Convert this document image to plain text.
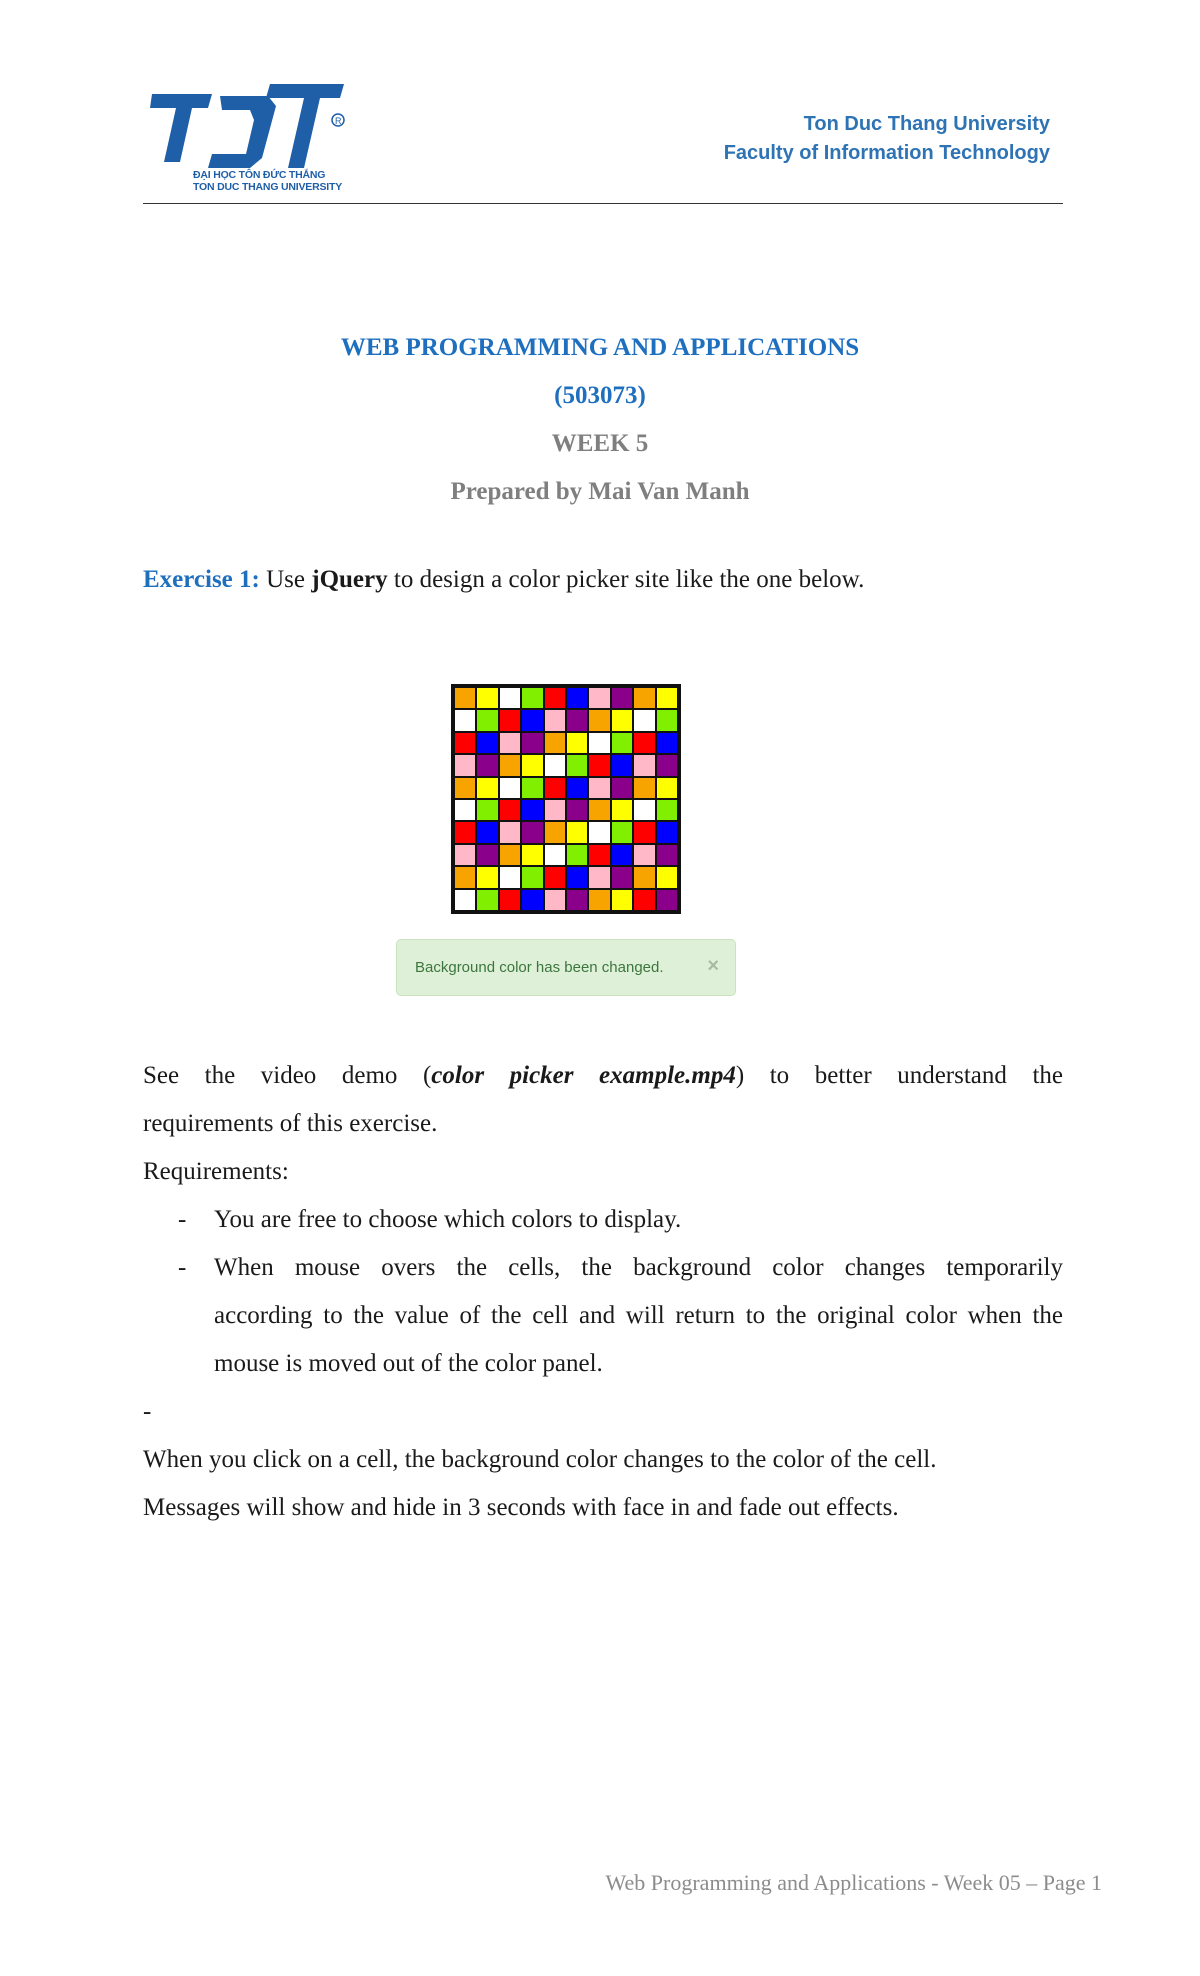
R
ĐẠI HỌC TÔN ĐỨC THẮNG
TON DUC THANG UNIVERSITY
Ton Duc Thang University
Faculty of Information Technology
WEB PROGRAMMING AND APPLICATIONS
(503073)
WEEK 5
Prepared by Mai Van Manh
Exercise 1: Use jQuery to design a color picker site like the one below.
Background color has been changed. ×
See the video demo (color picker example.mp4) to better understand the
requirements of this exercise.
Requirements:
- You are free to choose which colors to display.
- When mouse overs the cells, the background color changes temporarily
according to the value of the cell and will return to the original color when the
mouse is moved out of the color panel.
-
When you click on a cell, the background color changes to the color of the cell.
Messages will show and hide in 3 seconds with face in and fade out effects.
Web Programming and Applications - Week 05 – Page 1
